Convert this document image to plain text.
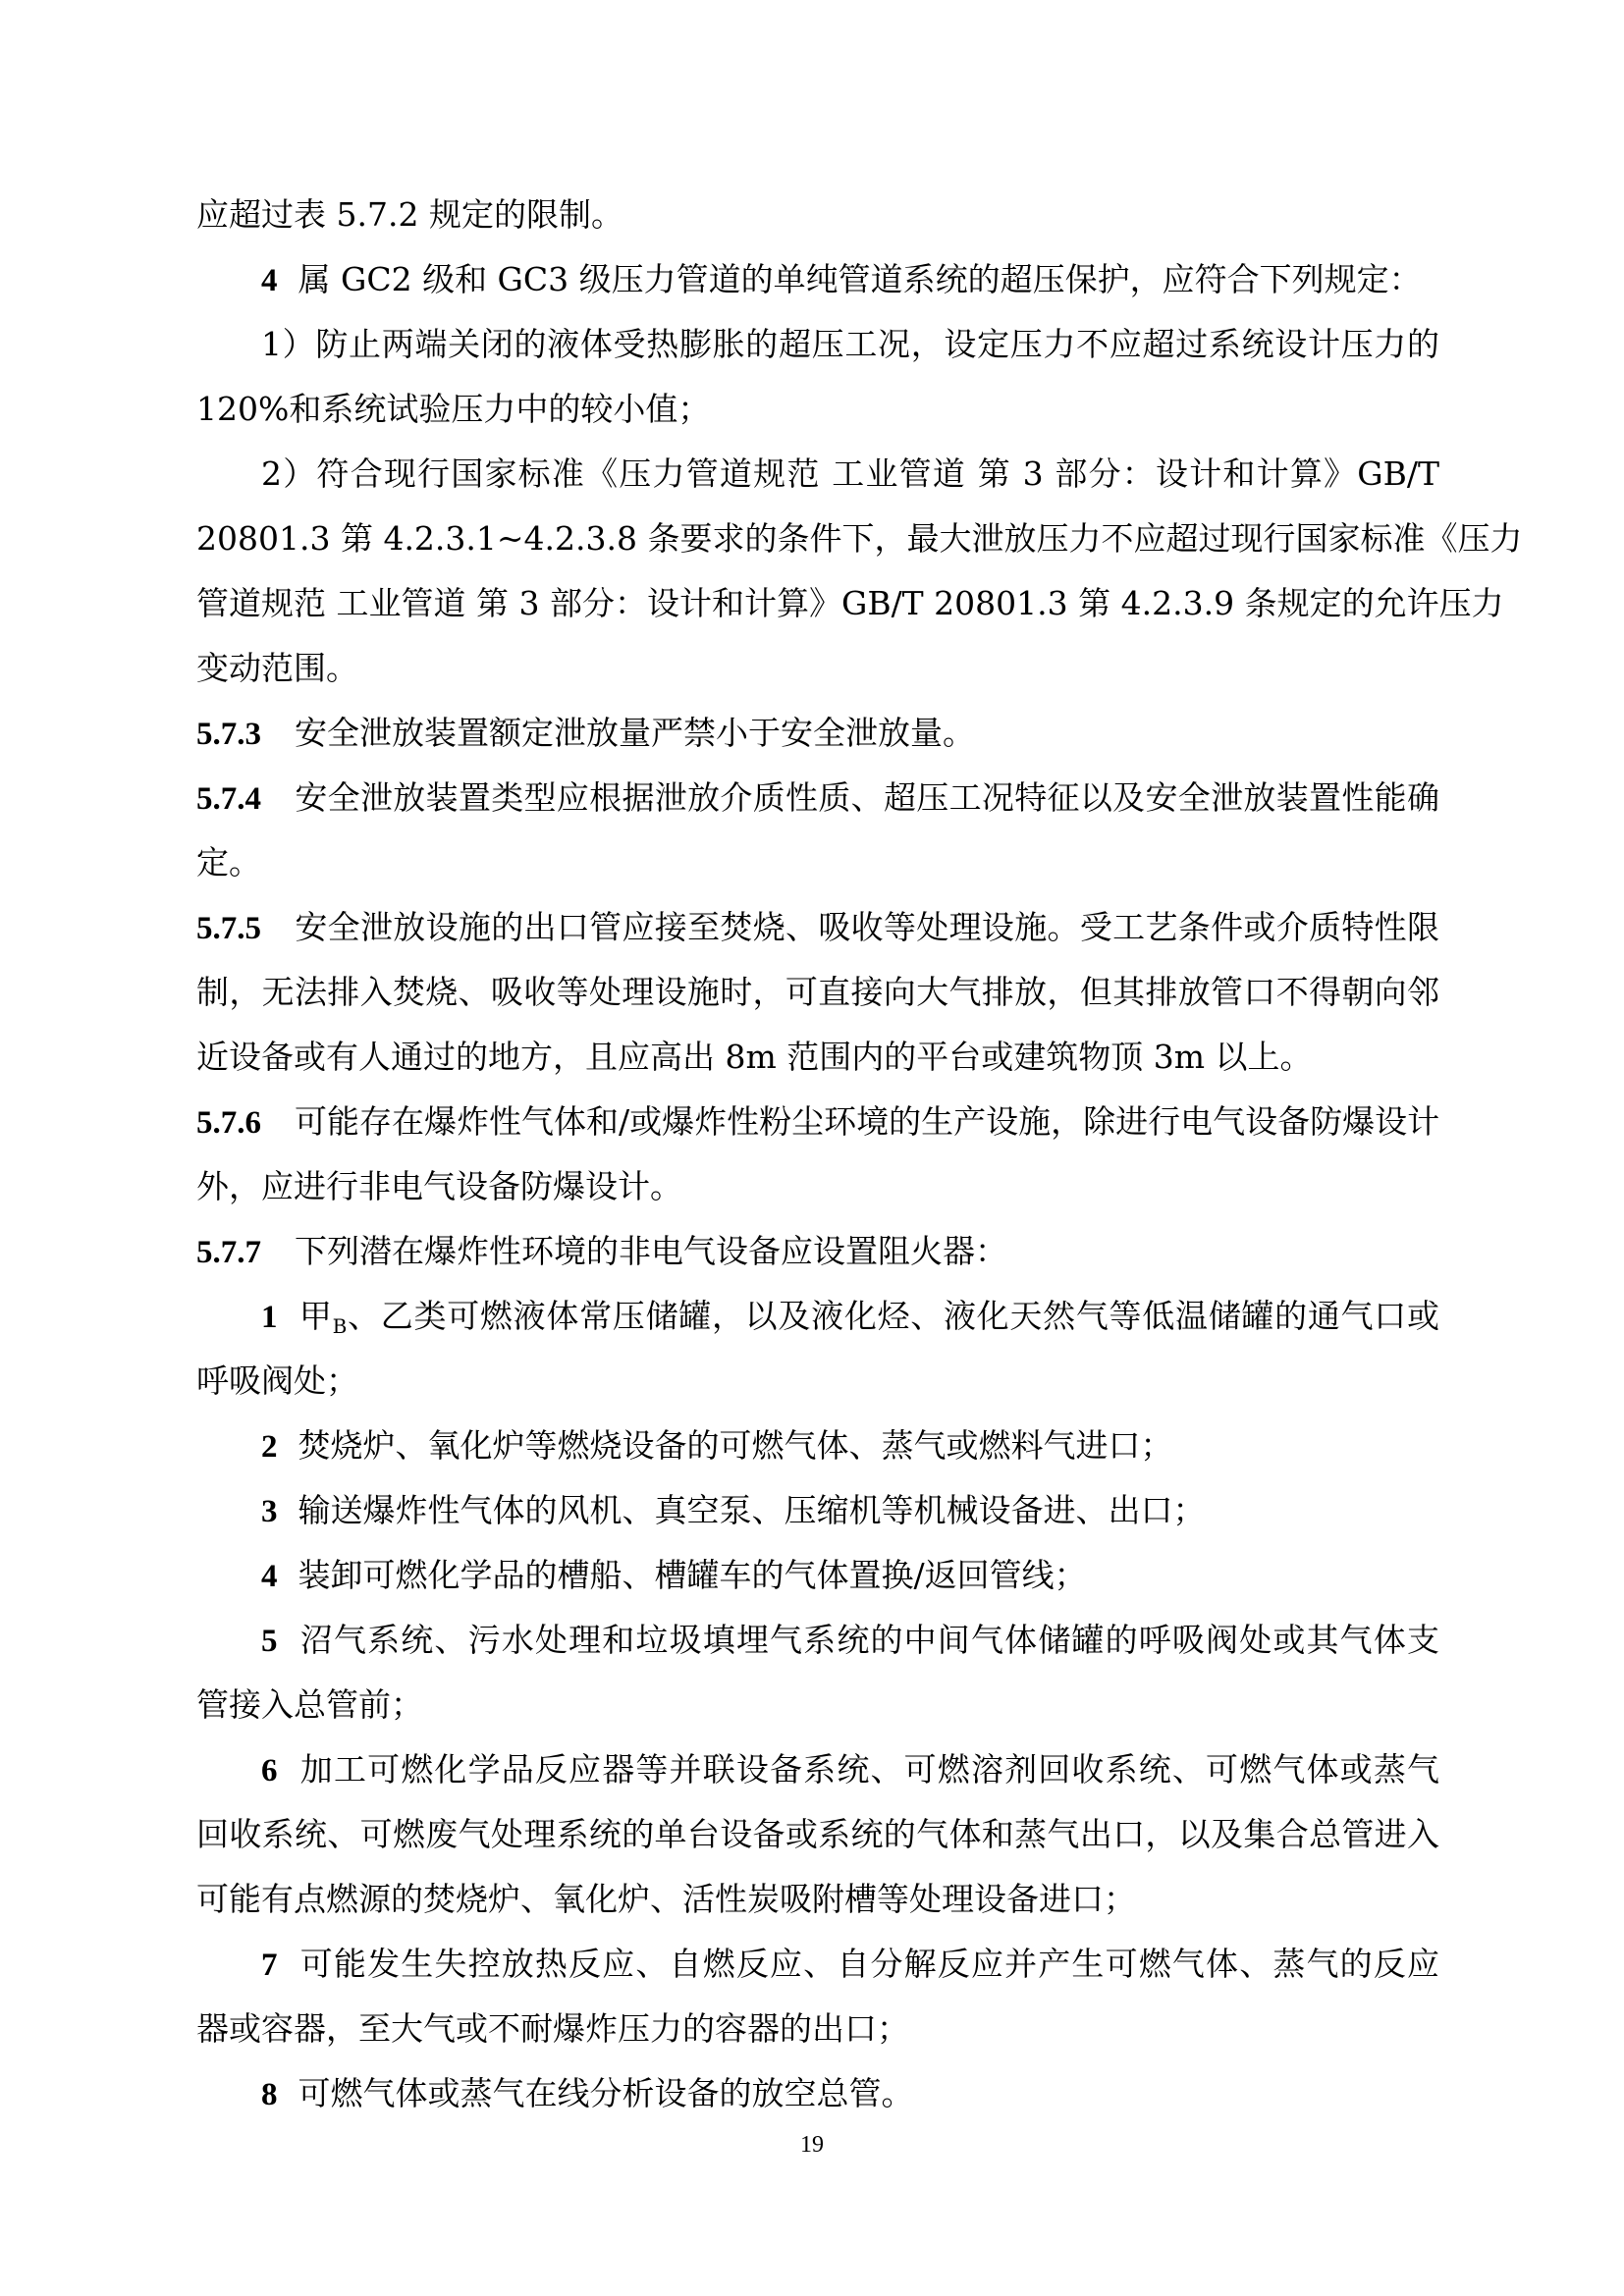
应超过表 5.7.2 规定的限制。
4 属 GC2 级和 GC3 级压力管道的单纯管道系统的超压保护，应符合下列规定：
1）防止两端关闭的液体受热膨胀的超压工况，设定压力不应超过系统设计压力的
120%和系统试验压力中的较小值；
2）符合现行国家标准《压力管道规范 工业管道 第 3 部分：设计和计算》GB/T
20801.3 第 4.2.3.1~4.2.3.8 条要求的条件下，最大泄放压力不应超过现行国家标准《压力
管道规范 工业管道 第 3 部分：设计和计算》GB/T 20801.3 第 4.2.3.9 条规定的允许压力
变动范围。
5.7.3 安全泄放装置额定泄放量严禁小于安全泄放量。
5.7.4 安全泄放装置类型应根据泄放介质性质、超压工况特征以及安全泄放装置性能确
定。
5.7.5 安全泄放设施的出口管应接至焚烧、吸收等处理设施。受工艺条件或介质特性限
制，无法排入焚烧、吸收等处理设施时，可直接向大气排放，但其排放管口不得朝向邻
近设备或有人通过的地方，且应高出 8m 范围内的平台或建筑物顶 3m 以上。
5.7.6 可能存在爆炸性气体和/或爆炸性粉尘环境的生产设施，除进行电气设备防爆设计
外，应进行非电气设备防爆设计。
5.7.7 下列潜在爆炸性环境的非电气设备应设置阻火器：
1 甲$_B$、乙类可燃液体常压储罐，以及液化烃、液化天然气等低温储罐的通气口或
呼吸阀处；
2 焚烧炉、氧化炉等燃烧设备的可燃气体、蒸气或燃料气进口；
3 输送爆炸性气体的风机、真空泵、压缩机等机械设备进、出口；
4 装卸可燃化学品的槽船、槽罐车的气体置换/返回管线；
5 沼气系统、污水处理和垃圾填埋气系统的中间气体储罐的呼吸阀处或其气体支
管接入总管前；
6 加工可燃化学品反应器等并联设备系统、可燃溶剂回收系统、可燃气体或蒸气
回收系统、可燃废气处理系统的单台设备或系统的气体和蒸气出口，以及集合总管进入
可能有点燃源的焚烧炉、氧化炉、活性炭吸附槽等处理设备进口；
7 可能发生失控放热反应、自燃反应、自分解反应并产生可燃气体、蒸气的反应
器或容器，至大气或不耐爆炸压力的容器的出口；
8 可燃气体或蒸气在线分析设备的放空总管。
19
